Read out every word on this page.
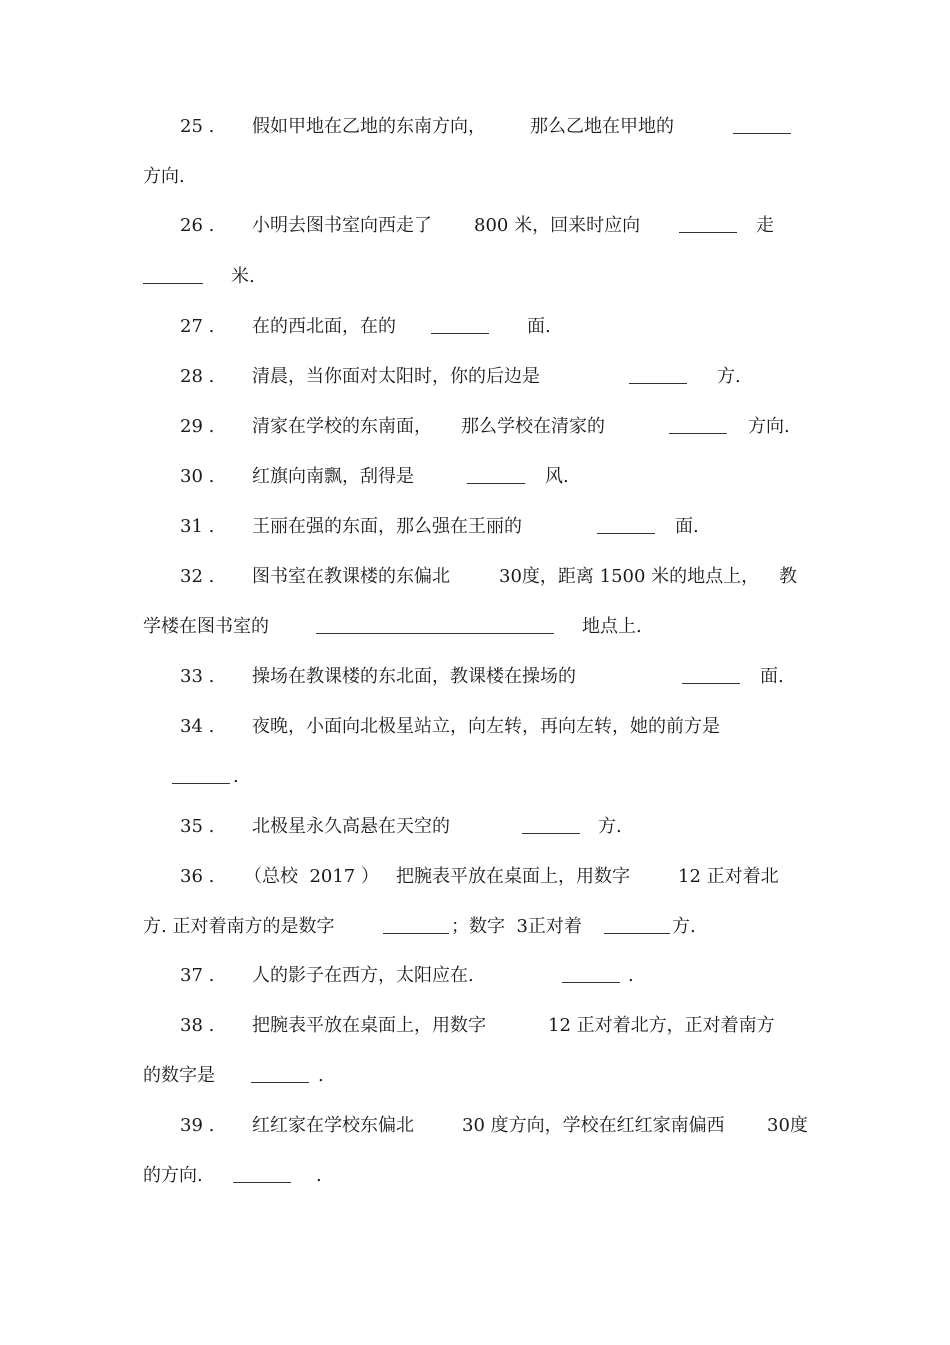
25 . 假如甲地在乙地的东南方向， 那么乙地在甲地的
方向.
26 . 小明去图书室向西走了 800 米，回来时应向	走
米.
27 . 在的西北面，在的	面.
28 . 清晨，当你面对太阳时，你的后边是	方.
29 . 清家在学校的东南面， 那么学校在清家的	方向.
30 . 红旗向南飘，刮得是	风.
31 . 王丽在强的东面，那么强在王丽的	面.
32 . 图书室在教课楼的东偏北	30度，距离 1500 米的地点上， 教
学楼在图书室的	地点上.
33 . 操场在教课楼的东北面，教课楼在操场的	面.
34 . 夜晚，小面向北极星站立，向左转，再向左转，她的前方是
.
35 . 北极星永久高悬在天空的	方.
36 . （总校  2017 ） 把腕表平放在桌面上，用数字	12 正对着北
方. 正对着南方的是数字	；数字  3正对着	方.
37 . 人的影子在西方，太阳应在.	.
38 . 把腕表平放在桌面上，用数字	12 正对着北方，正对着南方
的数字是	.
39 . 红红家在学校东偏北	30 度方向，学校在红红家南偏西 30度
的方向.	.
